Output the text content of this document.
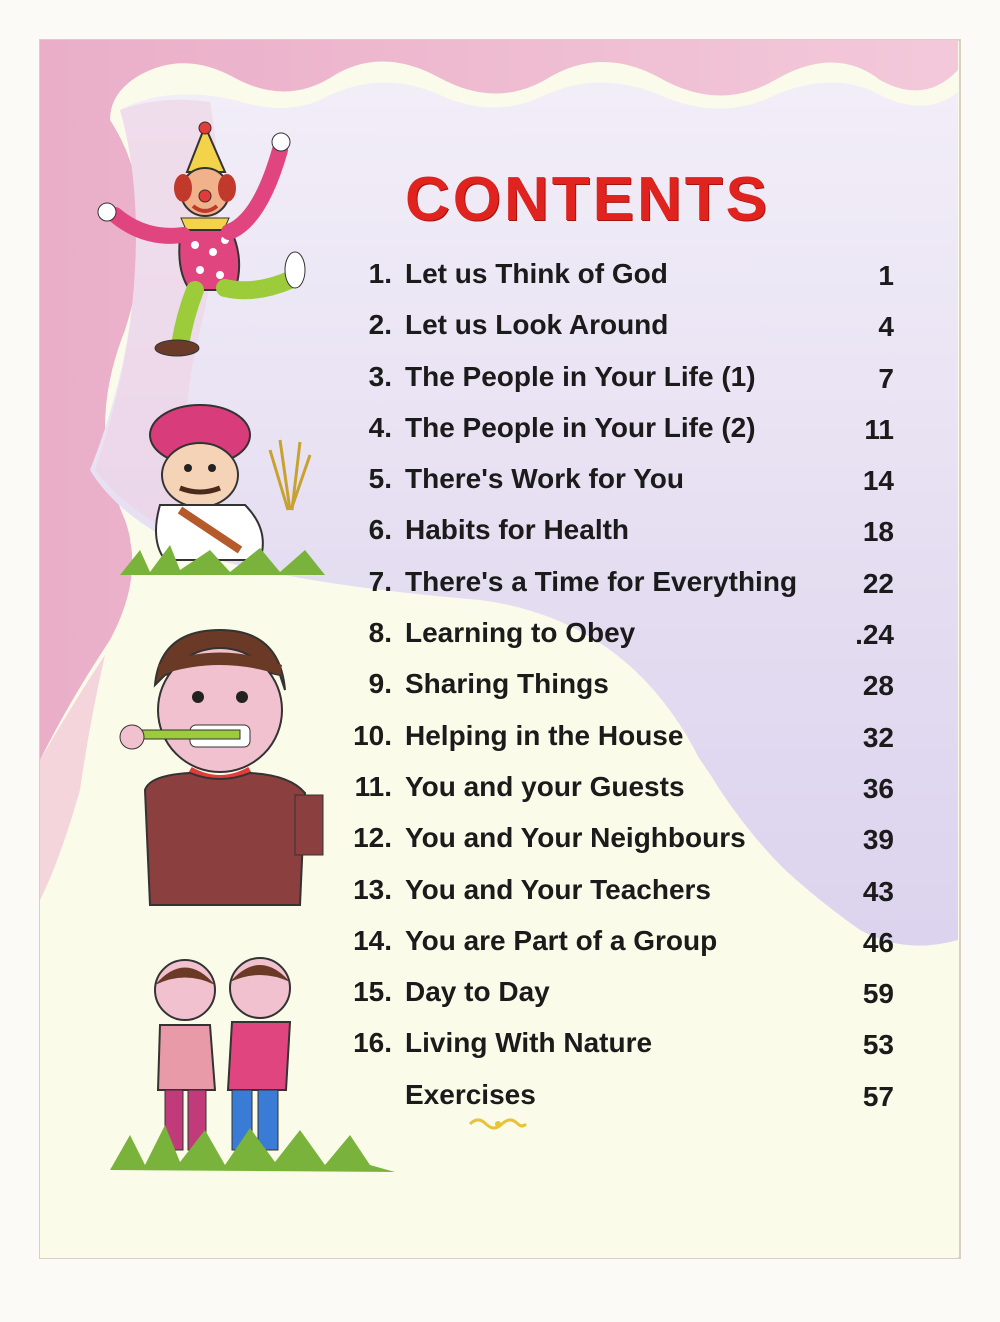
CONTENTS
1. Let us Think of God	1
2. Let us Look Around	4
3. The People in Your Life (1)	7
4. The People in Your Life (2)	11
5. There's Work for You	14
6. Habits for Health	18
7. There's a Time for Everything	22
8. Learning to Obey	.24
9. Sharing Things	28
10. Helping in the House	32
11. You and your Guests	36
12. You and Your Neighbours	39
13. You and Your Teachers	43
14. You are Part of a Group	46
15. Day to Day	59
16. Living With Nature	53
Exercises	57
